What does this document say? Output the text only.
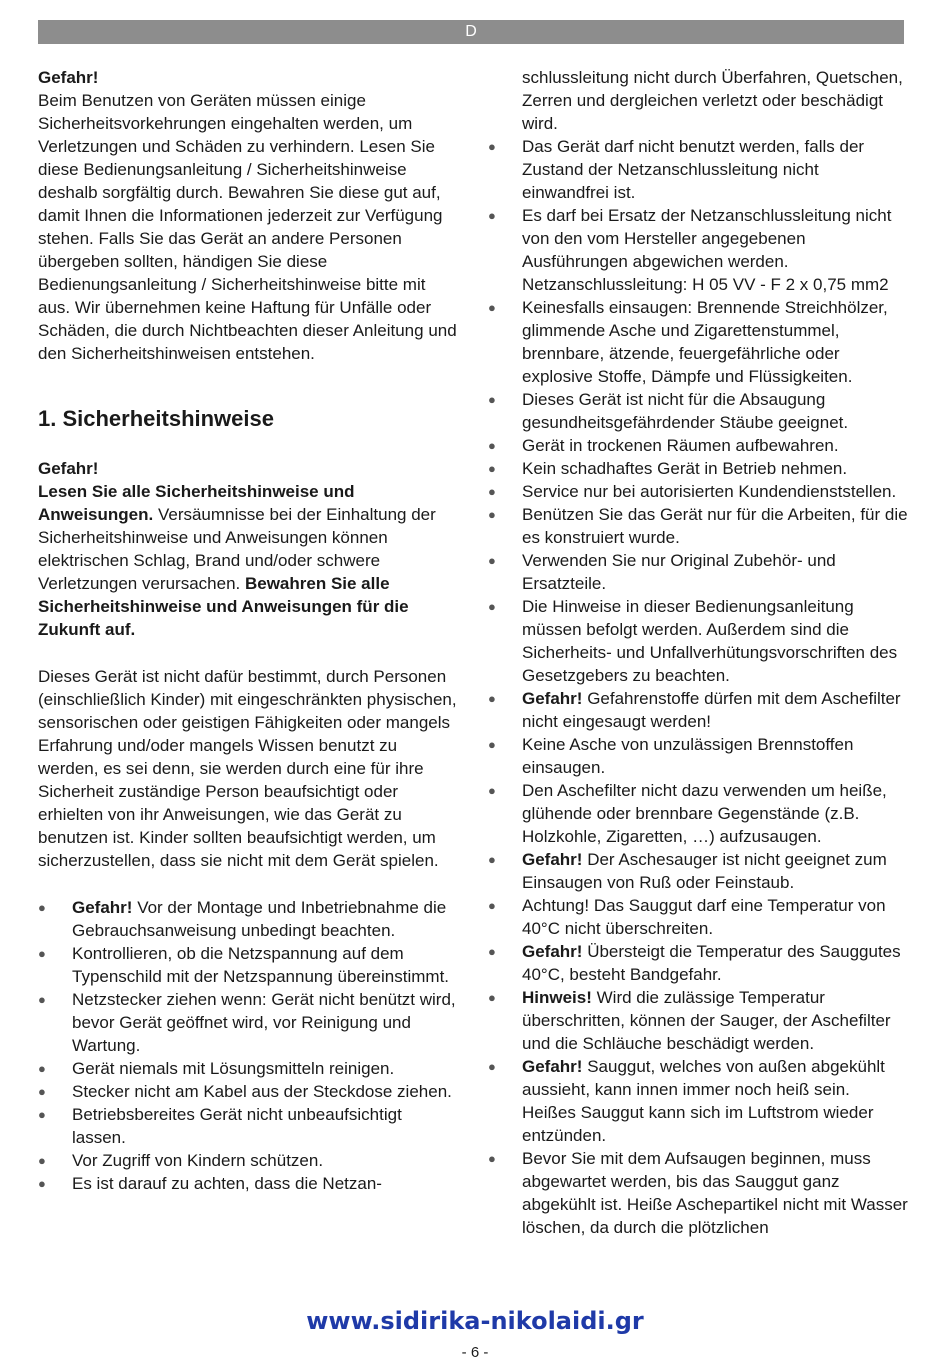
D

Gefahr!

Beim Benutzen von Geräten müssen einige Sicherheitsvorkehrungen eingehalten werden, um Verletzungen und Schäden zu verhindern. Lesen Sie diese Bedienungsanleitung / Sicherheitshinweise deshalb sorgfältig durch. Bewahren Sie diese gut auf, damit Ihnen die Informationen jederzeit zur Verfügung stehen. Falls Sie das Gerät an andere Personen übergeben sollten, händigen Sie diese Bedienungsanleitung / Sicherheitshinweise bitte mit aus. Wir übernehmen keine Haftung für Unfälle oder Schäden, die durch Nichtbeachten dieser Anleitung und den Sicherheitshinweisen entstehen.

1. Sicherheitshinweise

Gefahr!

Lesen Sie alle Sicherheitshinweise und Anweisungen. Versäumnisse bei der Einhaltung der Sicherheitshinweise und Anweisungen können elektrischen Schlag, Brand und/oder schwere Verletzungen verursachen. Bewahren Sie alle Sicherheitshinweise und Anweisungen für die Zukunft auf.

Dieses Gerät ist nicht dafür bestimmt, durch Personen (einschließlich Kinder) mit eingeschränkten physischen, sensorischen oder geistigen Fähigkeiten oder mangels Erfahrung und/oder mangels Wissen benutzt zu werden, es sei denn, sie werden durch eine für ihre Sicherheit zuständige Person beaufsichtigt oder erhielten von ihr Anweisungen, wie das Gerät zu benutzen ist. Kinder sollten beaufsichtigt werden, um sicherzustellen, dass sie nicht mit dem Gerät spielen.

● Gefahr! Vor der Montage und Inbetriebnahme die Gebrauchsanweisung unbedingt beachten.
● Kontrollieren, ob die Netzspannung auf dem Typenschild mit der Netzspannung übereinstimmt.
● Netzstecker ziehen wenn: Gerät nicht benützt wird, bevor Gerät geöffnet wird, vor Reinigung und Wartung.
● Gerät niemals mit Lösungsmitteln reinigen.
● Stecker nicht am Kabel aus der Steckdose ziehen.
● Betriebsbereites Gerät nicht unbeaufsichtigt lassen.
● Vor Zugriff von Kindern schützen.
● Es ist darauf zu achten, dass die Netzan-

schlussleitung nicht durch Überfahren, Quetschen, Zerren und dergleichen verletzt oder beschädigt wird.

● Das Gerät darf nicht benutzt werden, falls der Zustand der Netzanschlussleitung nicht einwandfrei ist.
● Es darf bei Ersatz der Netzanschlussleitung nicht von den vom Hersteller angegebenen Ausführungen abgewichen werden. Netzanschlussleitung: H 05 VV - F 2 x 0,75 mm2
● Keinesfalls einsaugen: Brennende Streichhölzer, glimmende Asche und Zigarettenstummel, brennbare, ätzende, feuergefährliche oder explosive Stoffe, Dämpfe und Flüssigkeiten.
● Dieses Gerät ist nicht für die Absaugung gesundheitsgefährdender Stäube geeignet.
● Gerät in trockenen Räumen aufbewahren.
● Kein schadhaftes Gerät in Betrieb nehmen.
● Service nur bei autorisierten Kundendienststellen.
● Benützen Sie das Gerät nur für die Arbeiten, für die es konstruiert wurde.
● Verwenden Sie nur Original Zubehör- und Ersatzteile.
● Die Hinweise in dieser Bedienungsanleitung müssen befolgt werden. Außerdem sind die Sicherheits- und Unfallverhütungsvorschriften des Gesetzgebers zu beachten.
● Gefahr! Gefahrenstoffe dürfen mit dem Aschefilter nicht eingesaugt werden!
● Keine Asche von unzulässigen Brennstoffen einsaugen.
● Den Aschefilter nicht dazu verwenden um heiße, glühende oder brennbare Gegenstände (z.B. Holzkohle, Zigaretten, …) aufzusaugen.
● Gefahr! Der Aschesauger ist nicht geeignet zum Einsaugen von Ruß oder Feinstaub.
● Achtung! Das Sauggut darf eine Temperatur von 40°C nicht überschreiten.
● Gefahr! Übersteigt die Temperatur des Sauggutes 40°C, besteht Bandgefahr.
● Hinweis! Wird die zulässige Temperatur überschritten, können der Sauger, der Aschefilter und die Schläuche beschädigt werden.
● Gefahr! Sauggut, welches von außen abgekühlt aussieht, kann innen immer noch heiß sein. Heißes Sauggut kann sich im Luftstrom wieder entzünden.
● Bevor Sie mit dem Aufsaugen beginnen, muss abgewartet werden, bis das Sauggut ganz abgekühlt ist. Heiße Aschepartikel nicht mit Wasser löschen, da durch die plötzlichen
www.sidirika-nikolaidi.gr
- 6 -
